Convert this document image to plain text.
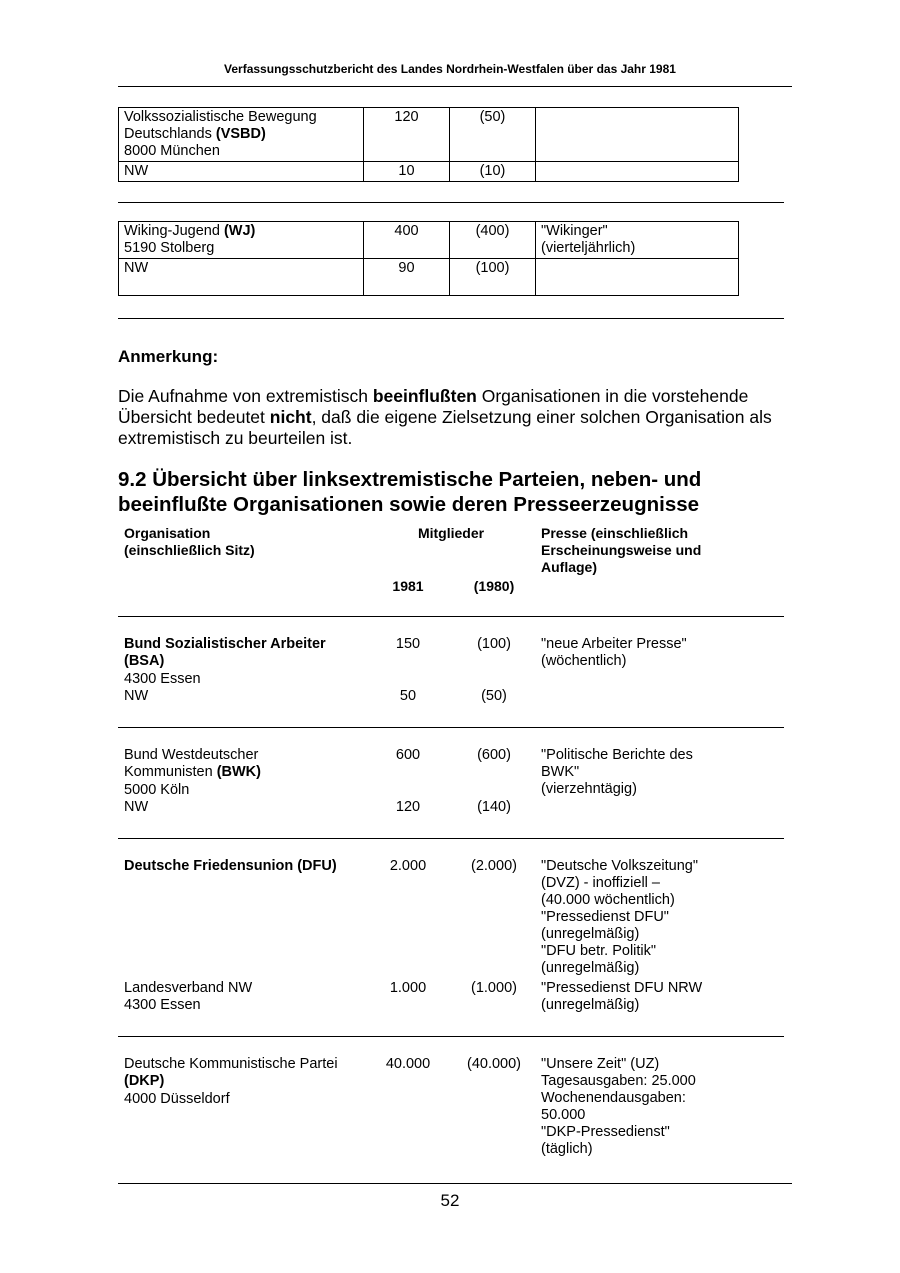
Verfassungsschutzbericht des Landes Nordrhein-Westfalen über das Jahr 1981
Volkssozialistische Bewegung
Deutschlands (VSBD)
8000 München	120	(50)	
NW	10	(10)	
Wiking-Jugend (WJ)
5190 Stolberg	400	(400)	"Wikinger"
(vierteljährlich)
NW	90	(100)	
Anmerkung:
Die Aufnahme von extremistisch beeinflußten Organisationen in die vorstehende Übersicht bedeutet nicht, daß die eigene Zielsetzung einer solchen Organisation als extremistisch zu beurteilen ist.
9.2 Übersicht über linksextremistische Parteien, neben- und beeinflußte Organisationen sowie deren Presseerzeugnisse
Organisation
(einschließlich Sitz)
Mitglieder
1981	(1980)
Presse (einschließlich
Erscheinungsweise und
Auflage)
Bund Sozialistischer Arbeiter
(BSA)
4300 Essen
150	(100)	"neue Arbeiter Presse"
(wöchentlich)
NW	50	(50)
Bund Westdeutscher
Kommunisten (BWK)
5000 Köln
600	(600)	"Politische Berichte des
BWK"
(vierzehntägig)
NW	120	(140)
Deutsche Friedensunion (DFU)	2.000	(2.000)	"Deutsche Volkszeitung"
(DVZ) - inoffiziell –
(40.000 wöchentlich)
"Pressedienst DFU"
(unregelmäßig)
"DFU betr. Politik"
(unregelmäßig)
Landesverband NW
4300 Essen
1.000	(1.000)	"Pressedienst DFU NRW
(unregelmäßig)
Deutsche Kommunistische Partei
(DKP)
4000 Düsseldorf
40.000	(40.000)	"Unsere Zeit" (UZ)
Tagesausgaben: 25.000
Wochenendausgaben:
50.000
"DKP-Pressedienst"
(täglich)
52
